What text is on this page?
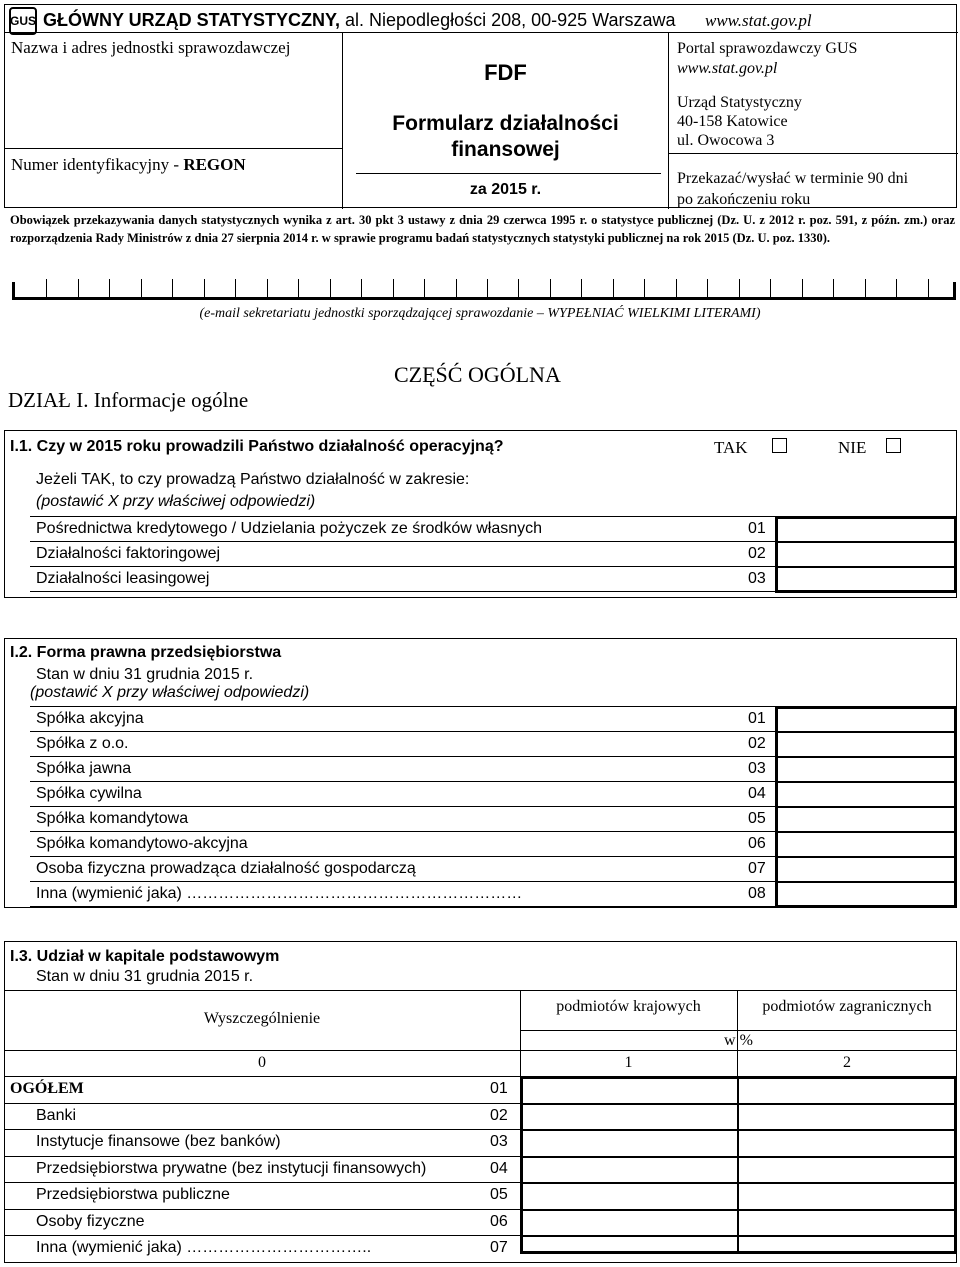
GUS GŁÓWNY URZĄD STATYSTYCZNY, al. Niepodległości 208, 00-925 Warszawa www.stat.gov.pl
Nazwa i adres jednostki sprawozdawczej
Numer identyfikacyjny - REGON
FDF
Formularz działalności
finansowej
za 2015 r.
Portal sprawozdawczy GUS
www.stat.gov.pl
Urząd Statystyczny
40-158 Katowice
ul. Owocowa 3
Przekazać/wysłać w terminie 90 dni
po zakończeniu roku
Obowiązek przekazywania danych statystycznych wynika z art. 30 pkt 3 ustawy z dnia 29 czerwca 1995 r. o statystyce publicznej (Dz. U. z 2012 r. poz. 591, z późn. zm.) oraz rozporządzenia Rady Ministrów z dnia 27 sierpnia 2014 r. w sprawie programu badań statystycznych statystyki publicznej na rok 2015 (Dz. U. poz. 1330).
(e-mail sekretariatu jednostki sporządzającej sprawozdanie – WYPEŁNIAĆ WIELKIMI LITERAMI)
DZIAŁ I. Informacje ogólne
CZĘŚĆ OGÓLNA
I.1. Czy w 2015 roku prowadzili Państwo działalność operacyjną?	TAK	NIE
Jeżeli TAK, to czy prowadzą Państwo działalność w zakresie:
(postawić X przy właściwej odpowiedzi)
Pośrednictwa kredytowego / Udzielania pożyczek ze środków własnych	01
Działalności faktoringowej	02
Działalności leasingowej	03
I.2. Forma prawna przedsiębiorstwa
Stan w dniu 31 grudnia 2015 r.
(postawić X przy właściwej odpowiedzi)
Spółka akcyjna	01
Spółka z o.o.	02
Spółka jawna	03
Spółka cywilna	04
Spółka komandytowa	05
Spółka komandytowo-akcyjna	06
Osoba fizyczna prowadząca działalność gospodarczą	07
Inna (wymienić jaka) ………………………………………………………	08
I.3. Udział w kapitale podstawowym
Stan w dniu 31 grudnia 2015 r.
Wyszczególnienie
podmiotów krajowych	podmiotów zagranicznych
w %
0	1	2
OGÓŁEM	01
Banki	02
Instytucje finansowe (bez banków)	03
Przedsiębiorstwa prywatne (bez instytucji finansowych)	04
Przedsiębiorstwa publiczne	05
Osoby fizyczne	06
Inna (wymienić jaka) ……………………………..	07
